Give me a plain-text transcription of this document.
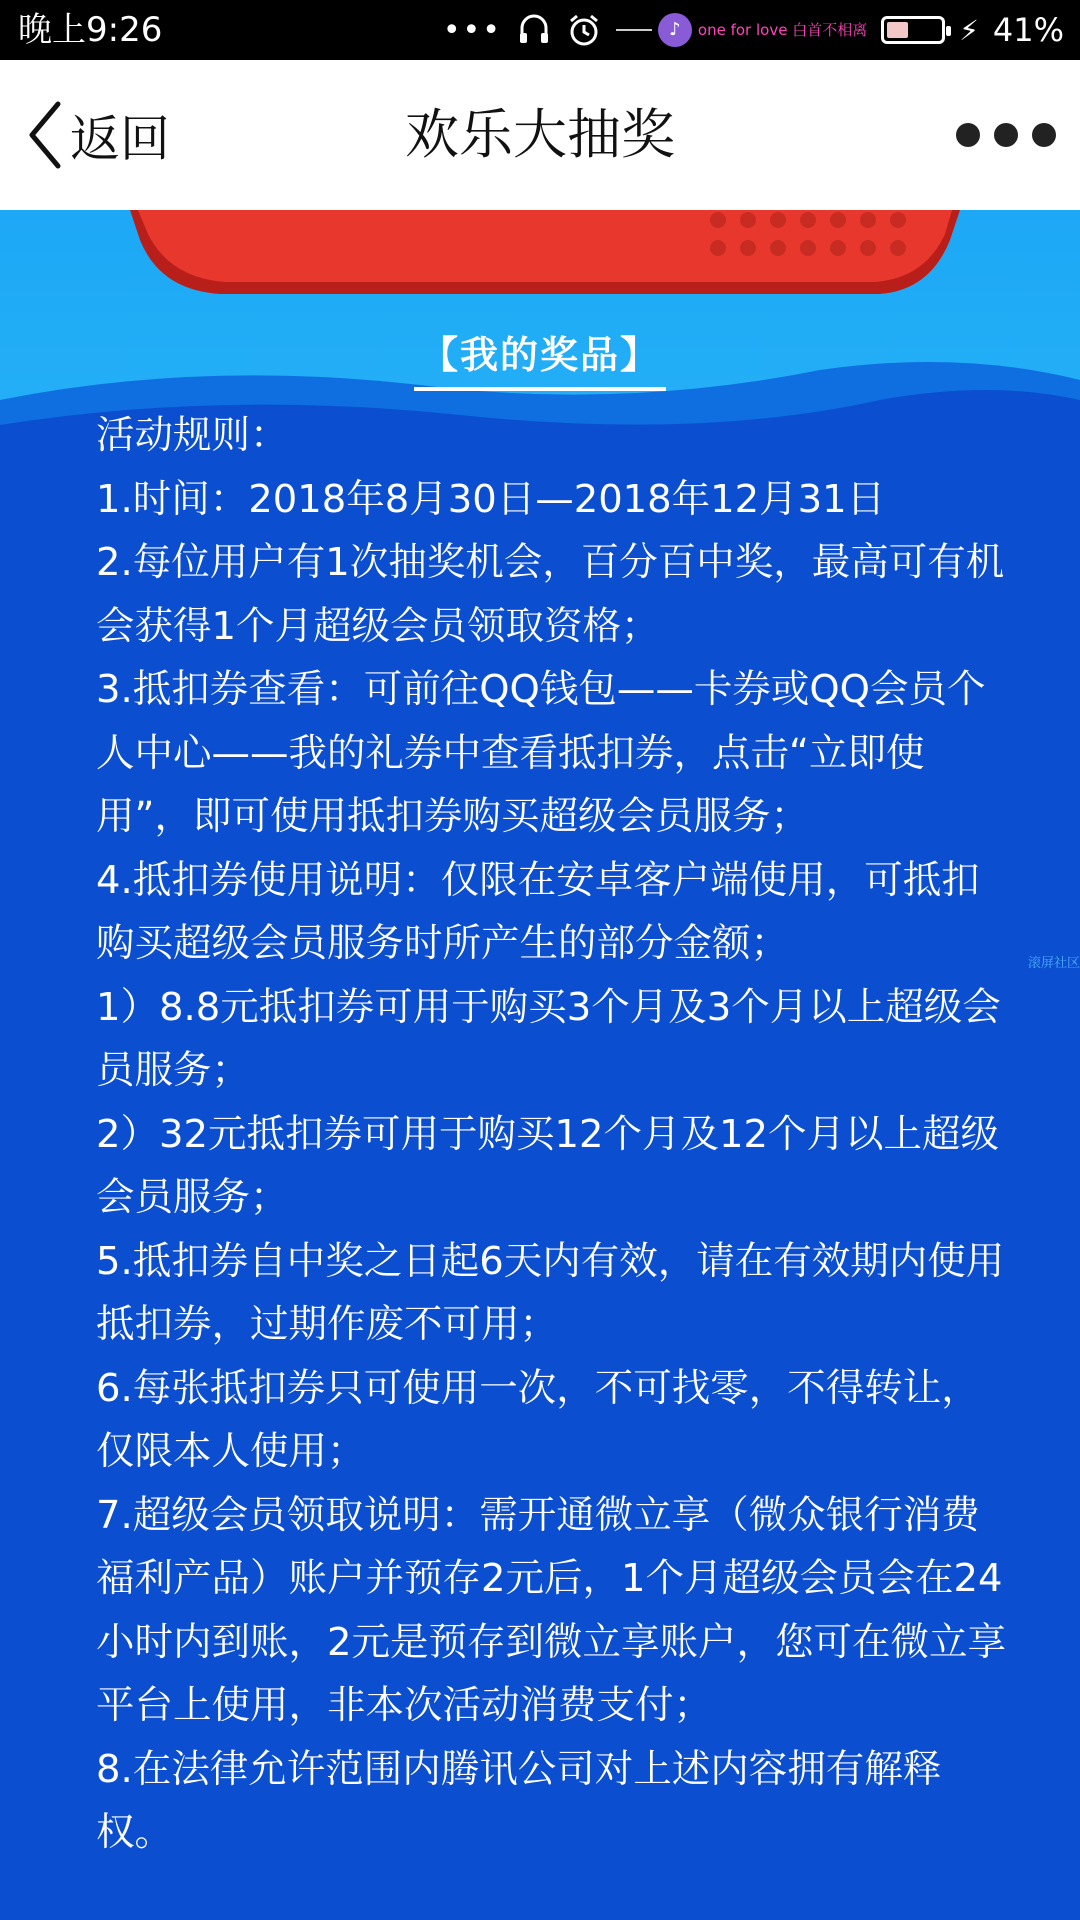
晚上9:26	•••	♪	one for love 白首不相离	⚡ 41%
返回	欢乐大抽奖
【我的奖品】

活动规则：

1.时间：2018年8月30日—2018年12月31日

2.每位用户有1次抽奖机会，百分百中奖，最高可有机会获得1个月超级会员领取资格；

3.抵扣券查看：可前往QQ钱包——卡券或QQ会员个人中心——我的礼券中查看抵扣券，点击“立即使用”，即可使用抵扣券购买超级会员服务；

4.抵扣券使用说明：仅限在安卓客户端使用，可抵扣购买超级会员服务时所产生的部分金额；

1）8.8元抵扣券可用于购买3个月及3个月以上超级会员服务；

2）32元抵扣券可用于购买12个月及12个月以上超级会员服务；

5.抵扣券自中奖之日起6天内有效，请在有效期内使用抵扣券，过期作废不可用；

6.每张抵扣券只可使用一次，不可找零，不得转让，仅限本人使用；

7.超级会员领取说明：需开通微立享（微众银行消费福利产品）账户并预存2元后，1个月超级会员会在24小时内到账，2元是预存到微立享账户，您可在微立享平台上使用，非本次活动消费支付；

8.在法律允许范围内腾讯公司对上述内容拥有解释权。

滚屏社区
